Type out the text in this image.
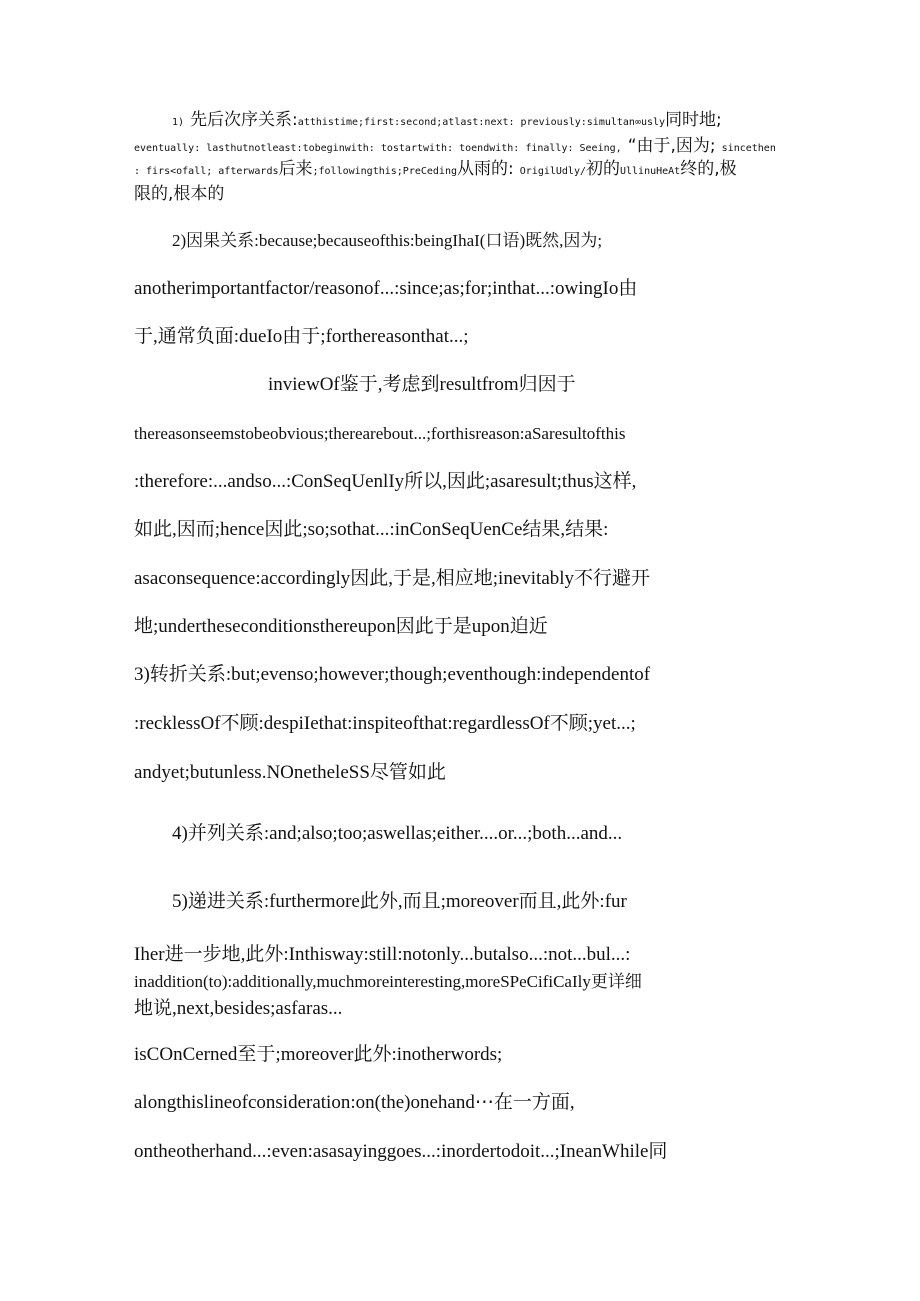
1) 先后次序关系:atthistime;first:second;atlast:next: previously:simultan∞usly同时地;
eventually: lasthutnotleast:tobeginwith: tostartwith: toendwith: finally: Seeing, “由于,因为; sincethen
: firs<ofall; afterwards后来;followingthis;PreCeding从雨的: OrigilUdly/初的UllinuHeAt终的,极
限的,根本的
2)因果关系:because;becauseofthis:beingIhaI(口语)既然,因为;
anotherimportantfactor/reasonof...:since;as;for;inthat...:owingIo由
于,通常负面:dueIo由于;forthereasonthat...;
inviewOf鉴于,考虑到resultfrom归因于
thereasonseemstobeobvious;therearebout...;forthisreason:aSaresultofthis
:therefore:...andso...:ConSeqUenlIy所以,因此;asaresult;thus这样,
如此,因而;hence因此;so;sothat...:inConSeqUenCe结果,结果:
asaconsequence:accordingly因此,于是,相应地;inevitably不行避开
地;undertheseconditionsthereupon因此于是upon迫近
3)转折关系:but;evenso;however;though;eventhough:independentof
:recklessOf不顾:despiIethat:inspiteofthat:regardlessOf不顾;yet...;
andyet;butunless.NOnetheleSS尽管如此
4)并列关系:and;also;too;aswellas;either....or...;both...and...
5)递进关系:furthermore此外,而且;moreover而且,此外:fur
Iher进一步地,此外:Inthisway:still:notonly...butalso...:not...bul...:
inaddition(to):additionally,muchmoreinteresting,moreSPeCifiCaIly更详细
地说,next,besides;asfaras...
isCOnCerned至于;moreover此外:inotherwords;
alongthislineofconsideration:on(the)onehand⋯在一方面,
ontheotherhand...:even:asasayinggoes...:inordertodoit...;IneanWhile同
